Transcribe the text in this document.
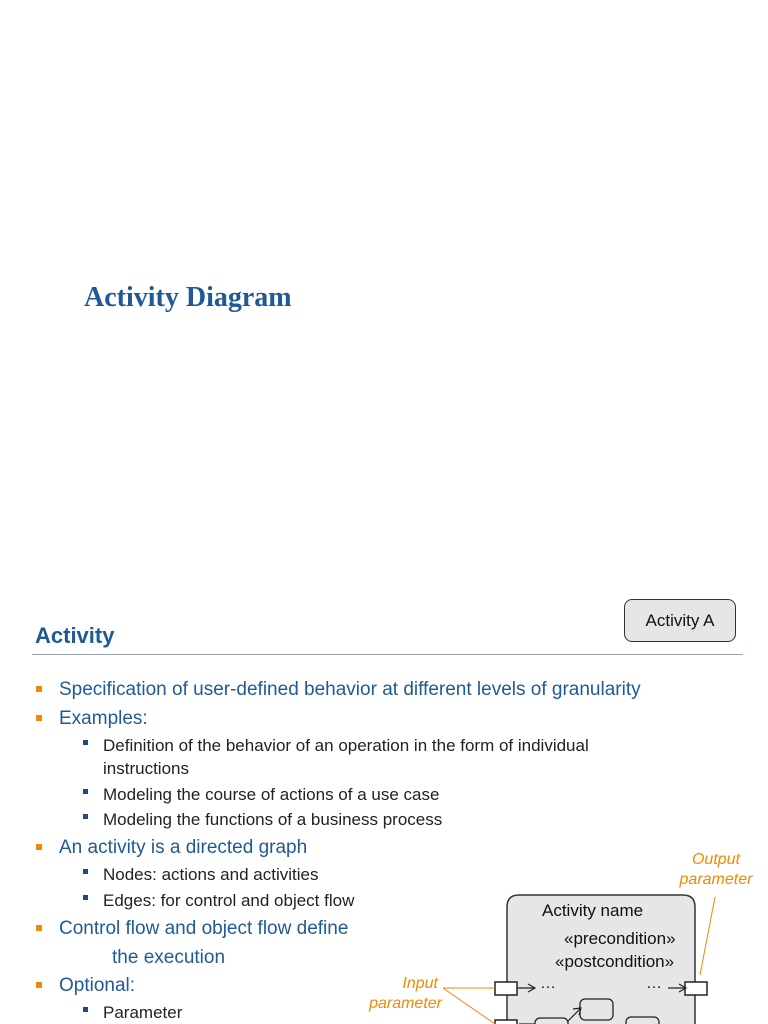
Activity Diagram
Activity
Activity A
Specification of user-defined behavior at different levels of granularity
Examples:
Definition of the behavior of an operation in the form of individual
instructions
Modeling the course of actions of a use case
Modeling the functions of a business process
An activity is a directed graph
Nodes: actions and activities
Edges: for control and object flow
Control flow and object flow define
the execution
Optional:
Parameter
Activity name
«precondition»
«postcondition»
…	…
Input
parameter
Output
parameter
